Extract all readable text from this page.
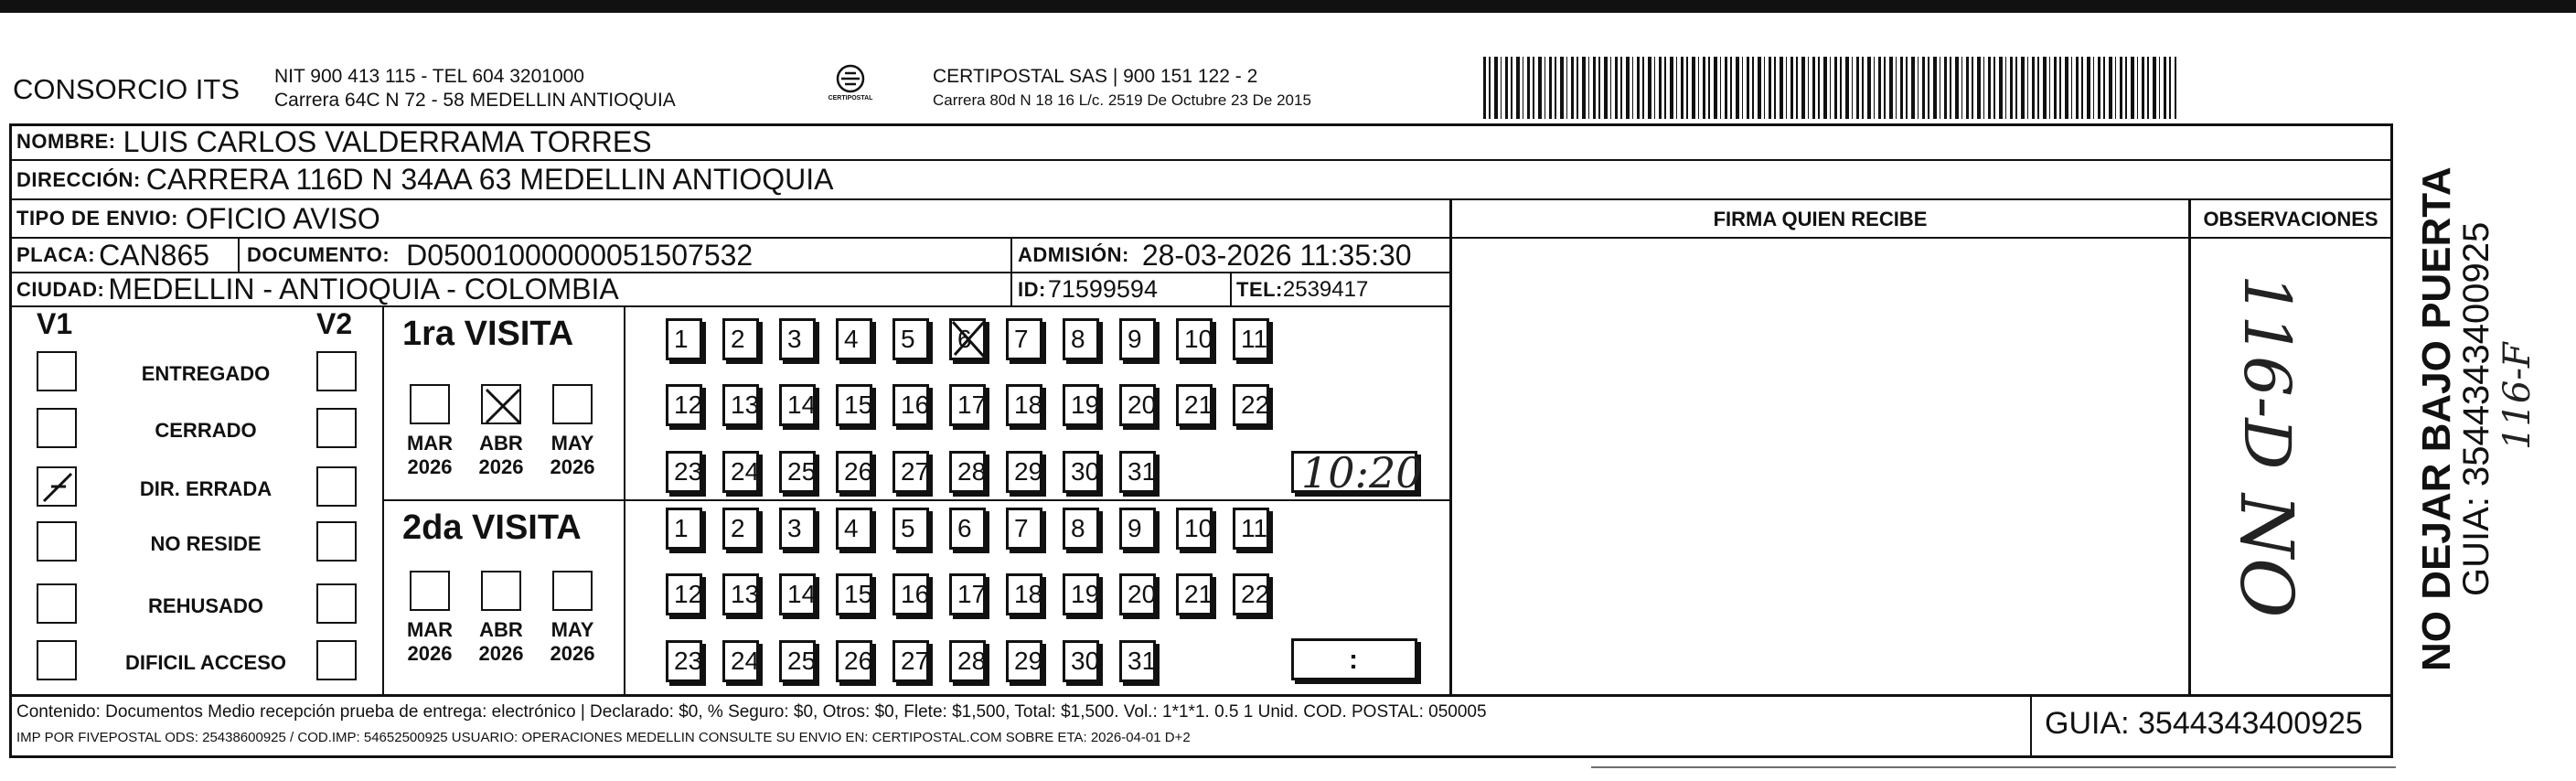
CONSORCIO ITS NIT 900 413 115 - TEL 604 3201000
Carrera 64C N 72 - 58 MEDELLIN ANTIOQUIA	CERTIPOSTAL
CERTIPOSTAL SAS | 900 151 122 - 2
Carrera 80d N 18 16 L/c. 2519 De Octubre 23 De 2015
NOMBRE: LUIS CARLOS VALDERRAMA TORRES
DIRECCIÓN: CARRERA 116D N 34AA 63 MEDELLIN ANTIOQUIA
TIPO DE ENVIO: OFICIO AVISO	FIRMA QUIEN RECIBE	OBSERVACIONES
PLACA: CAN865 DOCUMENTO: D05001000000051507532	ADMISIÓN: 28-03-2026 11:35:30
CIUDAD: MEDELLIN - ANTIOQUIA - COLOMBIA	ID: 71599594	TEL: 2539417
V1	V2
ENTREGADO
CERRADO
DIR. ERRADA
NO RESIDE
REHUSADO
DIFICIL ACCESO
1ra VISITA
2da VISITA
MAR
2026
ABR
2026
MAY
2026
MAR
2026
ABR
2026
MAY
2026
1	2	3	4	5	6	7	8	9	10	11
12	13	14	15	16	17	18	19	20	21	22
23	24	25	26	27	28	29	30	31
1	2	3	4	5	6	7	8	9	10	11
12	13	14	15	16	17	18	19	20	21	22
23	24	25	26	27	28	29	30	31
10:20
:
116-D
NO	NO DEJAR BAJO PUERTA
GUIA: 3544343400925 116-F
Contenido: Documentos Medio recepción prueba de entrega: electrónico | Declarado: $0, % Seguro: $0, Otros: $0, Flete: $1,500, Total: $1,500. Vol.: 1*1*1. 0.5 1 Unid. COD. POSTAL: 050005
IMP POR FIVEPOSTAL ODS: 25438600925 / COD.IMP: 54652500925 USUARIO: OPERACIONES MEDELLIN CONSULTE SU ENVIO EN: CERTIPOSTAL.COM SOBRE ETA: 2026-04-01 D+2	GUIA: 3544343400925
